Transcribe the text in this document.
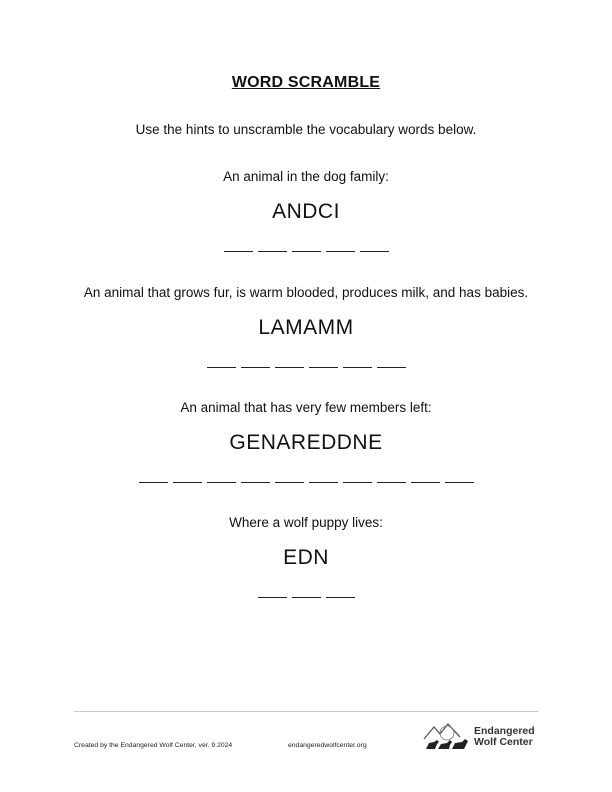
WORD SCRAMBLE
Use the hints to unscramble the vocabulary words below.
An animal in the dog family:
ANDCI
An animal that grows fur, is warm blooded, produces milk, and has babies.
LAMAMM
An animal that has very few members left:
GENAREDDNE
Where a wolf puppy lives:
EDN
Created by the Endangered Wolf Center, ver. 9.2024	endangeredwolfcenter.org
Endangered
Wolf Center
